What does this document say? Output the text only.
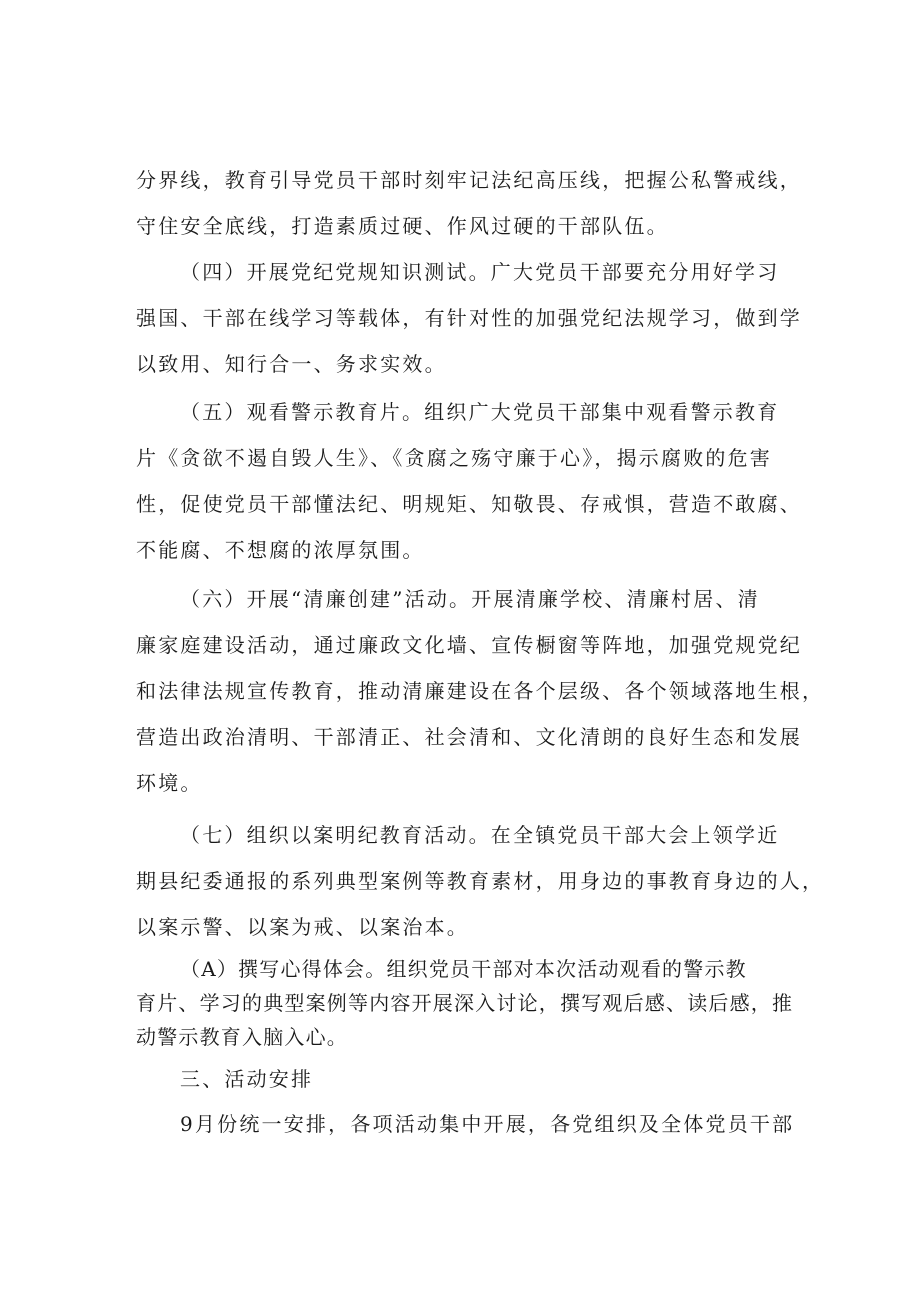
分界线，教育引导党员干部时刻牢记法纪高压线，把握公私警戒线，
守住安全底线，打造素质过硬、作风过硬的干部队伍。
（四）开展党纪党规知识测试。广大党员干部要充分用好学习
强国、干部在线学习等载体，有针对性的加强党纪法规学习，做到学
以致用、知行合一、务求实效。
（五）观看警示教育片。组织广大党员干部集中观看警示教育
片《贪欲不遏自毁人生》、《贪腐之殇守廉于心》，揭示腐败的危害
性，促使党员干部懂法纪、明规矩、知敬畏、存戒惧，营造不敢腐、
不能腐、不想腐的浓厚氛围。
（六）开展“清廉创建”活动。开展清廉学校、清廉村居、清
廉家庭建设活动，通过廉政文化墙、宣传橱窗等阵地，加强党规党纪
和法律法规宣传教育，推动清廉建设在各个层级、各个领域落地生根，
营造出政治清明、干部清正、社会清和、文化清朗的良好生态和发展
环境。
（七）组织以案明纪教育活动。在全镇党员干部大会上领学近
期县纪委通报的系列典型案例等教育素材，用身边的事教育身边的人，
以案示警、以案为戒、以案治本。
（A）撰写心得体会。组织党员干部对本次活动观看的警示教
育片、学习的典型案例等内容开展深入讨论，撰写观后感、读后感，推
动警示教育入脑入心。
三、活动安排
9月份统一安排，各项活动集中开展，各党组织及全体党员干部
